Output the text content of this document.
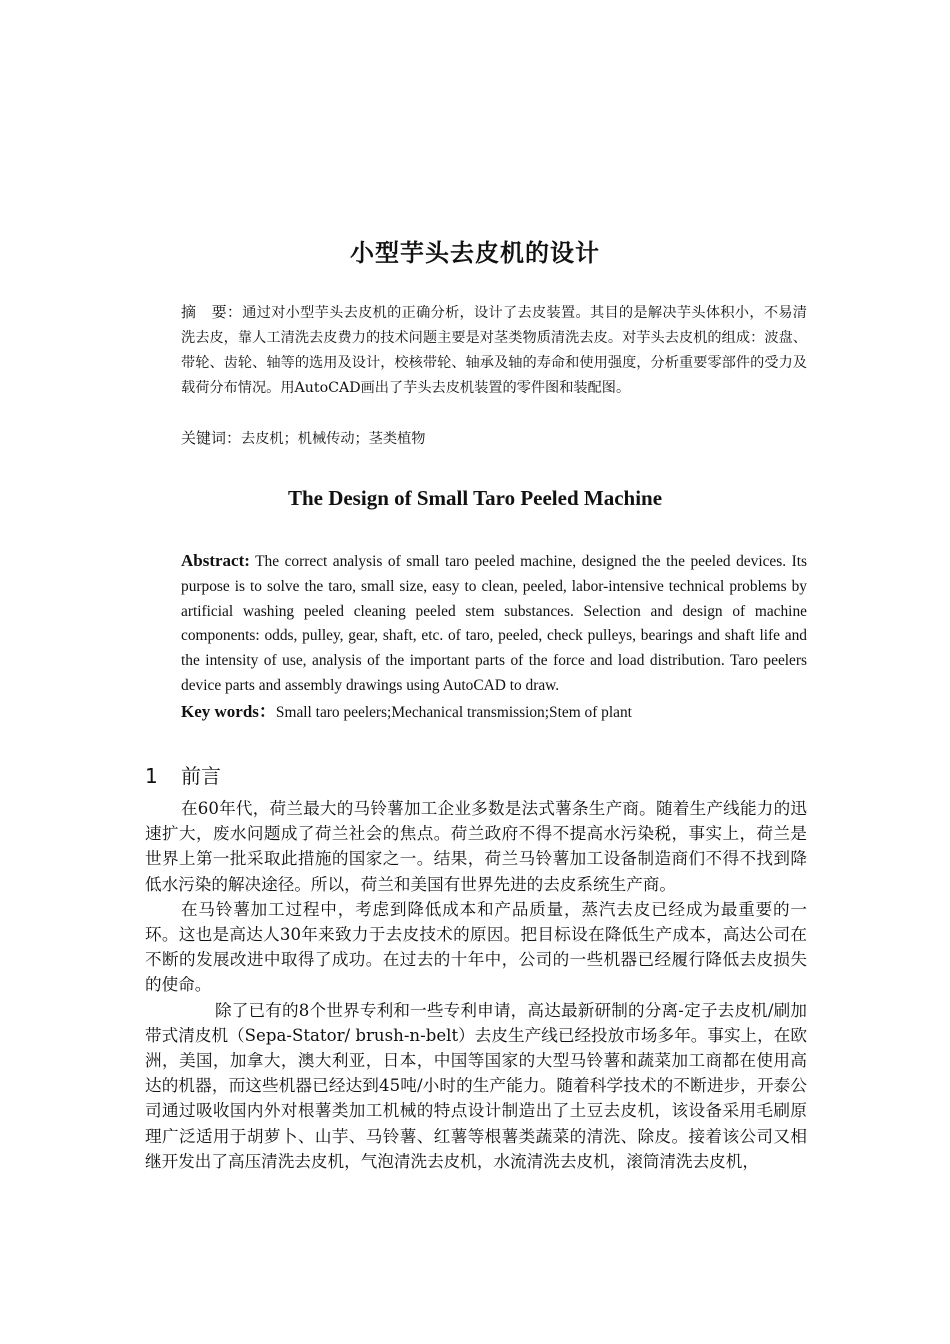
小型芋头去皮机的设计
摘　要：通过对小型芋头去皮机的正确分析，设计了去皮装置。其目的是解决芋头体积小，不易清洗去皮，靠人工清洗去皮费力的技术问题主要是对茎类物质清洗去皮。对芋头去皮机的组成：波盘、带轮、齿轮、轴等的选用及设计，校核带轮、轴承及轴的寿命和使用强度，分析重要零部件的受力及载荷分布情况。用AutoCAD画出了芋头去皮机装置的零件图和装配图。
关键词：去皮机；机械传动；茎类植物
The Design of Small Taro Peeled Machine
Abstract: The correct analysis of small taro peeled machine, designed the the peeled devices. Its purpose is to solve the taro, small size, easy to clean, peeled, labor-intensive technical problems by artificial washing peeled cleaning peeled stem substances. Selection and design of machine components: odds, pulley, gear, shaft, etc. of taro, peeled, check pulleys, bearings and shaft life and the intensity of use, analysis of the important parts of the force and load distribution. Taro peelers device parts and assembly drawings using AutoCAD to draw.
Key words：Small taro peelers;Mechanical transmission;Stem of plant
1 前言

在60年代，荷兰最大的马铃薯加工企业多数是法式薯条生产商。随着生产线能力的迅速扩大，废水问题成了荷兰社会的焦点。荷兰政府不得不提高水污染税，事实上，荷兰是世界上第一批采取此措施的国家之一。结果，荷兰马铃薯加工设备制造商们不得不找到降低水污染的解决途径。所以，荷兰和美国有世界先进的去皮系统生产商。

在马铃薯加工过程中，考虑到降低成本和产品质量，蒸汽去皮已经成为最重要的一环。这也是高达人30年来致力于去皮技术的原因。把目标设在降低生产成本，高达公司在不断的发展改进中取得了成功。在过去的十年中，公司的一些机器已经履行降低去皮损失的使命。

除了已有的8个世界专利和一些专利申请，高达最新研制的分离-定子去皮机/刷加带式清皮机（Sepa-Stator/ brush-n-belt）去皮生产线已经投放市场多年。事实上，在欧洲，美国，加拿大，澳大利亚，日本，中国等国家的大型马铃薯和蔬菜加工商都在使用高达的机器，而这些机器已经达到45吨/小时的生产能力。随着科学技术的不断进步，开泰公司通过吸收国内外对根薯类加工机械的特点设计制造出了土豆去皮机，该设备采用毛刷原理广泛适用于胡萝卜、山芋、马铃薯、红薯等根薯类蔬菜的清洗、除皮。接着该公司又相继开发出了高压清洗去皮机，气泡清洗去皮机，水流清洗去皮机，滚筒清洗去皮机，
